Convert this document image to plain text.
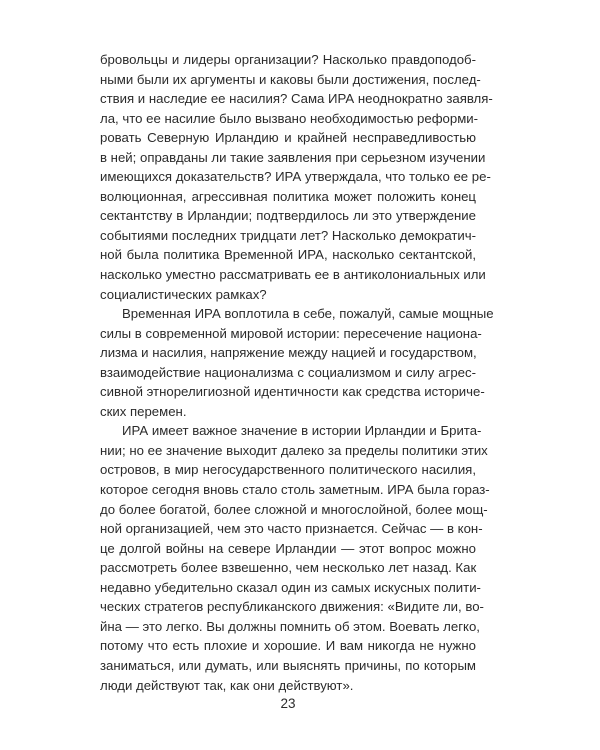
бровольцы и лидеры организации? Насколько правдоподоб-
ными были их аргументы и каковы были достижения, послед-
ствия и наследие ее насилия? Сама ИРА неоднократно заявля-
ла, что ее насилие было вызвано необходимостью реформи-
ровать Северную Ирландию и крайней несправедливостью
в ней; оправданы ли такие заявления при серьезном изучении
имеющихся доказательств? ИРА утверждала, что только ее ре-
волюционная, агрессивная политика может положить конец
сектантству в Ирландии; подтвердилось ли это утверждение
событиями последних тридцати лет? Насколько демократич-
ной была политика Временной ИРА, насколько сектантской,
насколько уместно рассматривать ее в антиколониальных или
социалистических рамках?
Временная ИРА воплотила в себе, пожалуй, самые мощные
силы в современной мировой истории: пересечение национа-
лизма и насилия, напряжение между нацией и государством,
взаимодействие национализма с социализмом и силу агрес-
сивной этнорелигиозной идентичности как средства историче-
ских перемен.
ИРА имеет важное значение в истории Ирландии и Брита-
нии; но ее значение выходит далеко за пределы политики этих
островов, в мир негосударственного политического насилия,
которое сегодня вновь стало столь заметным. ИРА была гораз-
до более богатой, более сложной и многослойной, более мощ-
ной организацией, чем это часто признается. Сейчас — в кон-
це долгой войны на севере Ирландии — этот вопрос можно
рассмотреть более взвешенно, чем несколько лет назад. Как
недавно убедительно сказал один из самых искусных полити-
ческих стратегов республиканского движения: «Видите ли, во-
йна — это легко. Вы должны помнить об этом. Воевать легко,
потому что есть плохие и хорошие. И вам никогда не нужно
заниматься, или думать, или выяснять причины, по которым
люди действуют так, как они действуют».
23
